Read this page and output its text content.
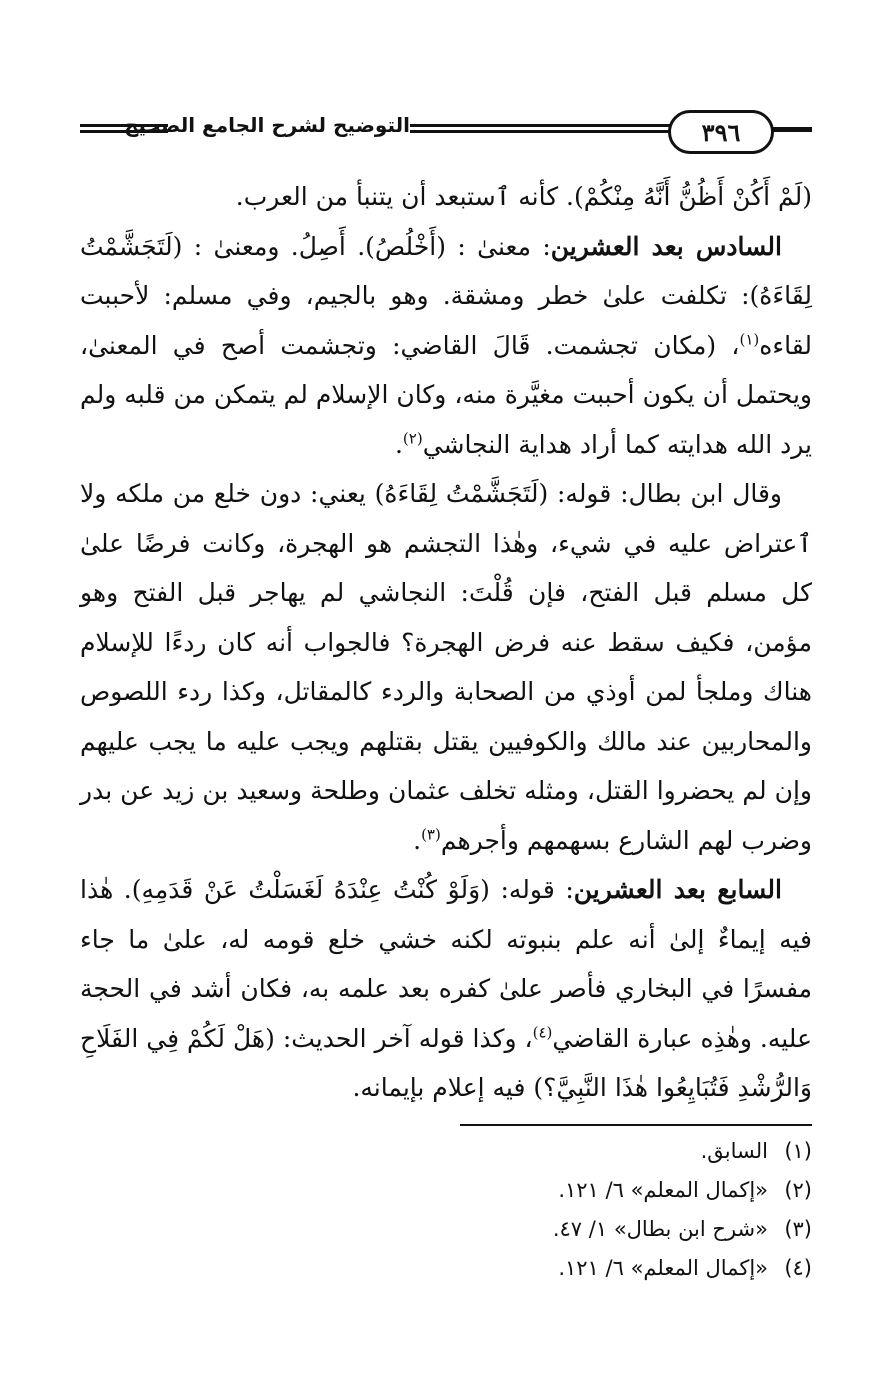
٣٩٦
التوضيح لشرح الجامع الصحيح

(لَمْ أَكُنْ أَظُنُّ أَنَّهُ مِنْكُمْ). كأنه ٱستبعد أن يتنبأ من العرب.

السادس بعد العشرين: معنىٰ : (أَخْلُصُ). أَصِلُ. ومعنىٰ : (لَتَجَشَّمْتُ لِقَاءَهُ): تكلفت علىٰ خطر ومشقة. وهو بالجيم، وفي مسلم: لأحببت لقاءه$^{(١)}$، (مكان تجشمت. قَالَ القاضي: وتجشمت أصح في المعنىٰ، ويحتمل أن يكون أحببت مغيَّرة منه، وكان الإسلام لم يتمكن من قلبه ولم يرد الله هدايته كما أراد هداية النجاشي$^{(٢)}$.

وقال ابن بطال: قوله: (لَتَجَشَّمْتُ لِقَاءَهُ) يعني: دون خلع من ملكه ولا ٱعتراض عليه في شيء، وهٰذا التجشم هو الهجرة، وكانت فرضًا علىٰ كل مسلم قبل الفتح، فإن قُلْتَ: النجاشي لم يهاجر قبل الفتح وهو مؤمن، فكيف سقط عنه فرض الهجرة؟ فالجواب أنه كان ردءًا للإسلام هناك وملجأ لمن أوذي من الصحابة والردء كالمقاتل، وكذا ردء اللصوص والمحاربين عند مالك والكوفيين يقتل بقتلهم ويجب عليه ما يجب عليهم وإن لم يحضروا القتل، ومثله تخلف عثمان وطلحة وسعيد بن زيد عن بدر وضرب لهم الشارع بسهمهم وأجرهم$^{(٣)}$.

السابع بعد العشرين: قوله: (وَلَوْ كُنْتُ عِنْدَهُ لَغَسَلْتُ عَنْ قَدَمِهِ). هٰذا فيه إيماءٌ إلىٰ أنه علم بنبوته لكنه خشي خلع قومه له، علىٰ ما جاء مفسرًا في البخاري فأصر علىٰ كفره بعد علمه به، فكان أشد في الحجة عليه. وهٰذِه عبارة القاضي$^{(٤)}$، وكذا قوله آخر الحديث: (هَلْ لَكُمْ فِي الفَلَاحِ وَالرُّشْدِ فَتُبَايِعُوا هٰذَا النَّبِيَّ؟) فيه إعلام بإيمانه.

(١)
السابق.
(٢)
«إكمال المعلم» ٦/ ١٢١.
(٣)
«شرح ابن بطال» ١/ ٤٧.
(٤)
«إكمال المعلم» ٦/ ١٢١.
